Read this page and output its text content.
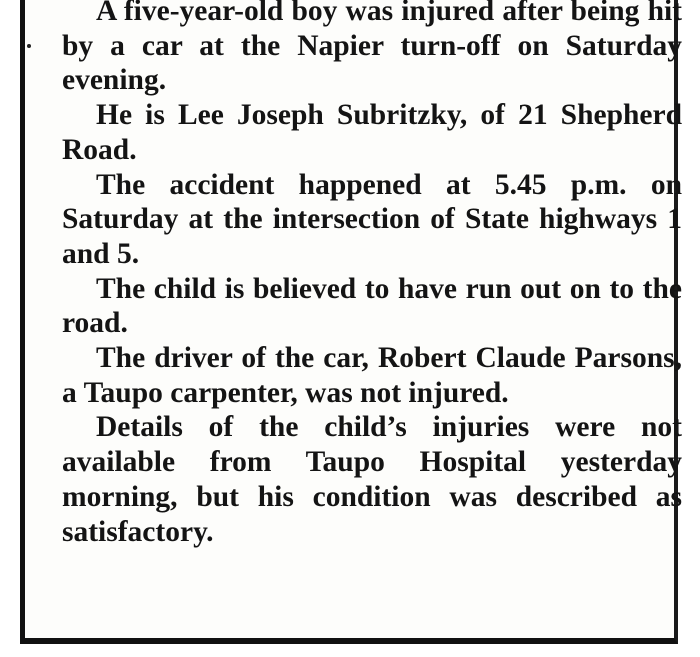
A five-year-old boy was injured after being hit by a car at the Napier turn-off on Saturday evening.

He is Lee Joseph Subritzky, of 21 Shepherd Road.

The accident happened at 5.45 p.m. on Saturday at the intersection of State highways 1 and 5.

The child is believed to have run out on to the road.

The driver of the car, Robert Claude Parsons, a Taupo carpenter, was not injured.

Details of the child’s injuries were not available from Taupo Hospital yesterday morning, but his condition was described as satisfactory.
